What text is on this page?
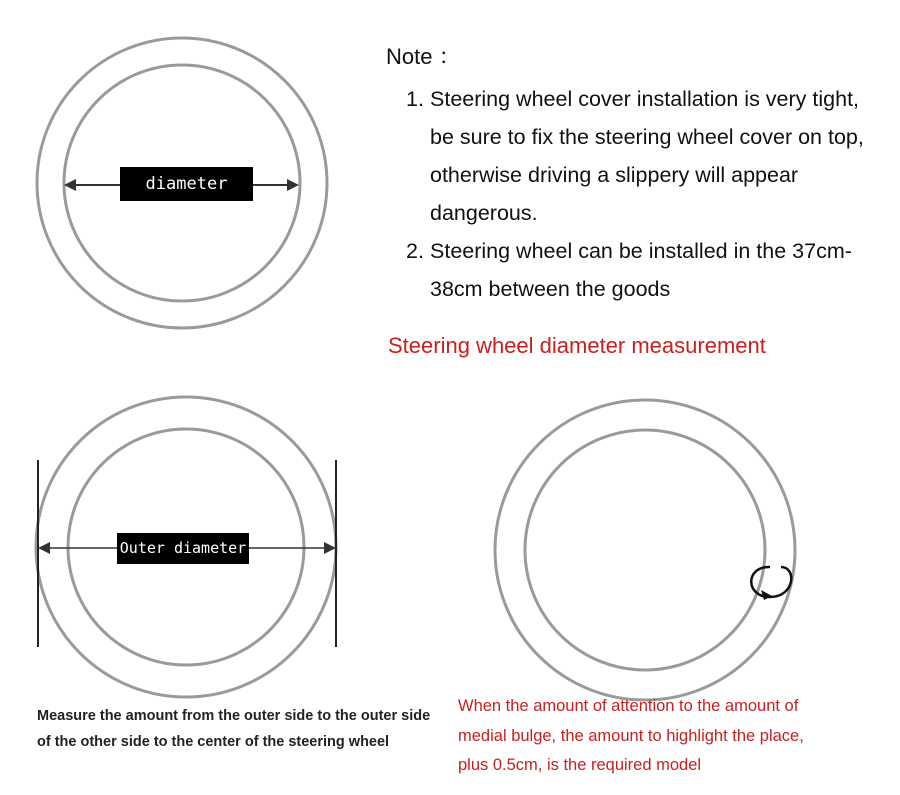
diameter
Outer diameter
Note ：
1. Steering wheel cover installation is very tight, be sure to fix the steering wheel cover on top, otherwise driving a slippery will appear dangerous.
2. Steering wheel can be installed in the 37cm-38cm between the goods
Steering wheel diameter measurement
Measure the amount from the outer side to the outer side of the other side to the center of the steering wheel
When the amount of attention to the amount of
medial bulge, the amount to highlight the place,
plus 0.5cm, is the required model
